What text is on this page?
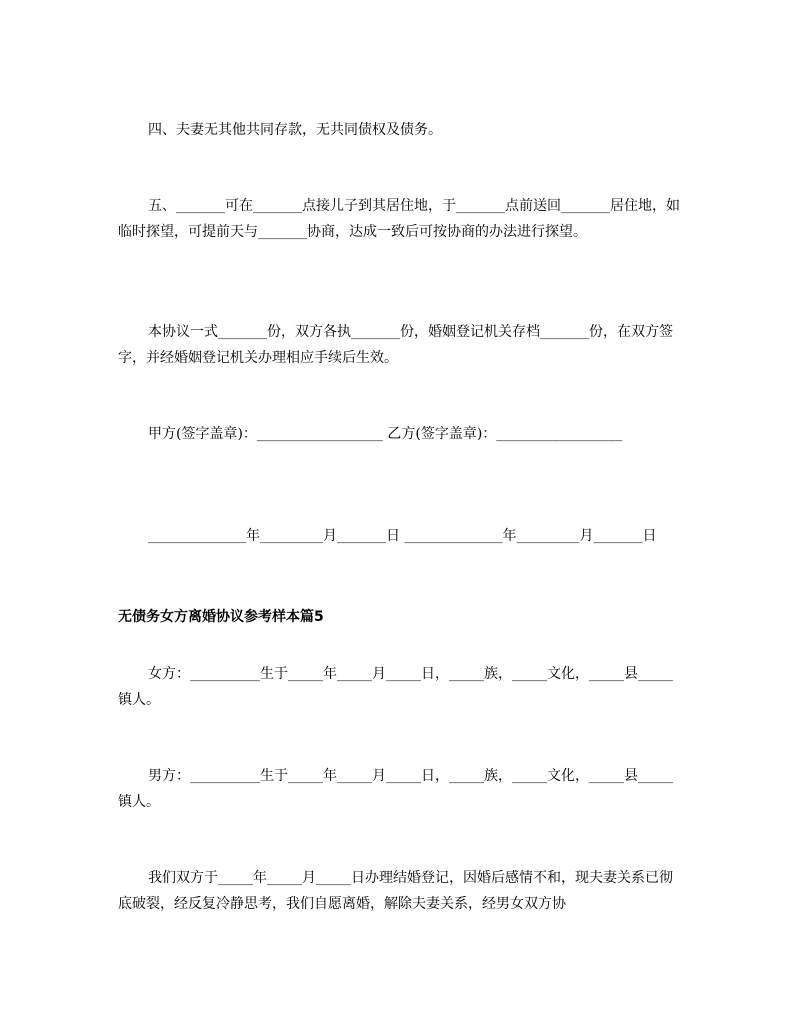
四、夫妻无其他共同存款，无共同债权及债务。
五、_______可在_______点接儿子到其居住地，于_______点前送回_______居住地，如临时探望，可提前天与_______协商，达成一致后可按协商的办法进行探望。
本协议一式_______份，双方各执_______份，婚姻登记机关存档_______份，在双方签字，并经婚姻登记机关办理相应手续后生效。
甲方(签字盖章)：__________________ 乙方(签字盖章)：__________________
______________年_________月_______日 ______________年_________月_______日
无债务女方离婚协议参考样本篇5
女方：__________生于_____年_____月_____日，_____族，_____文化，_____县_____镇人。
男方：__________生于_____年_____月_____日，_____族，_____文化，_____县_____镇人。
我们双方于_____年_____月_____日办理结婚登记，因婚后感情不和，现夫妻关系已彻底破裂，经反复冷静思考，我们自愿离婚，解除夫妻关系，经男女双方协
